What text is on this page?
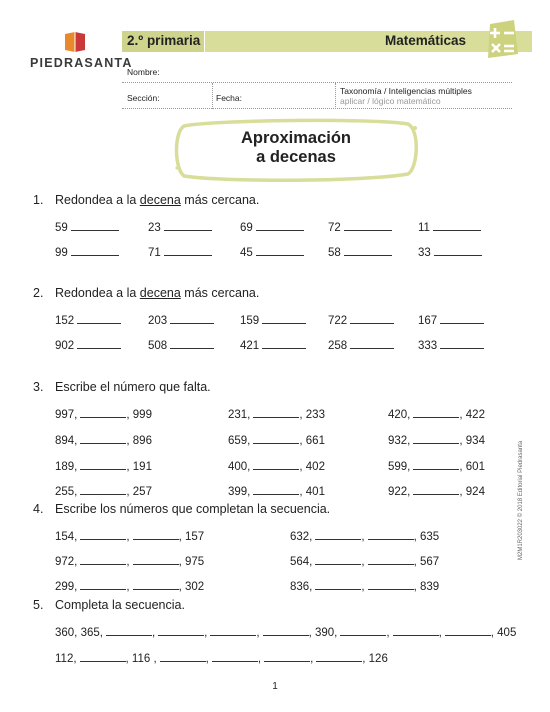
PIEDRASANTA
2.º primaria	Matemáticas
Nombre:
Sección:	Fecha:
Taxonomía / Inteligencias múltiples
aplicar / lógico matemático
Aproximación
a decenas
1. Redondea a la decena más cercana.
59	23	69	72	11
99	71	45	58	33
2. Redondea a la decena más cercana.
152	203	159	722	167
902	508	421	258	333
3. Escribe el número que falta.
997,	, 999	231,	, 233	420,	, 422
894,	, 896	659,	, 661	932,	, 934
189,	, 191	400,	, 402	599,	, 601
255,	, 257	399,	, 401	922,	, 924
4. Escribe los números que completan la secuencia.
154,	,	, 157	632,	,	, 635
972,	,	, 975	564,	,	, 567
299,	,	, 302	836,	,	, 839
5. Completa la secuencia.
360, 365,	,	,	,	, 390,	,	,	, 405
112,	, 116 ,	,	,	,	, 126
M2M1R203022 © 2018 Editorial Piedrasanta
1
